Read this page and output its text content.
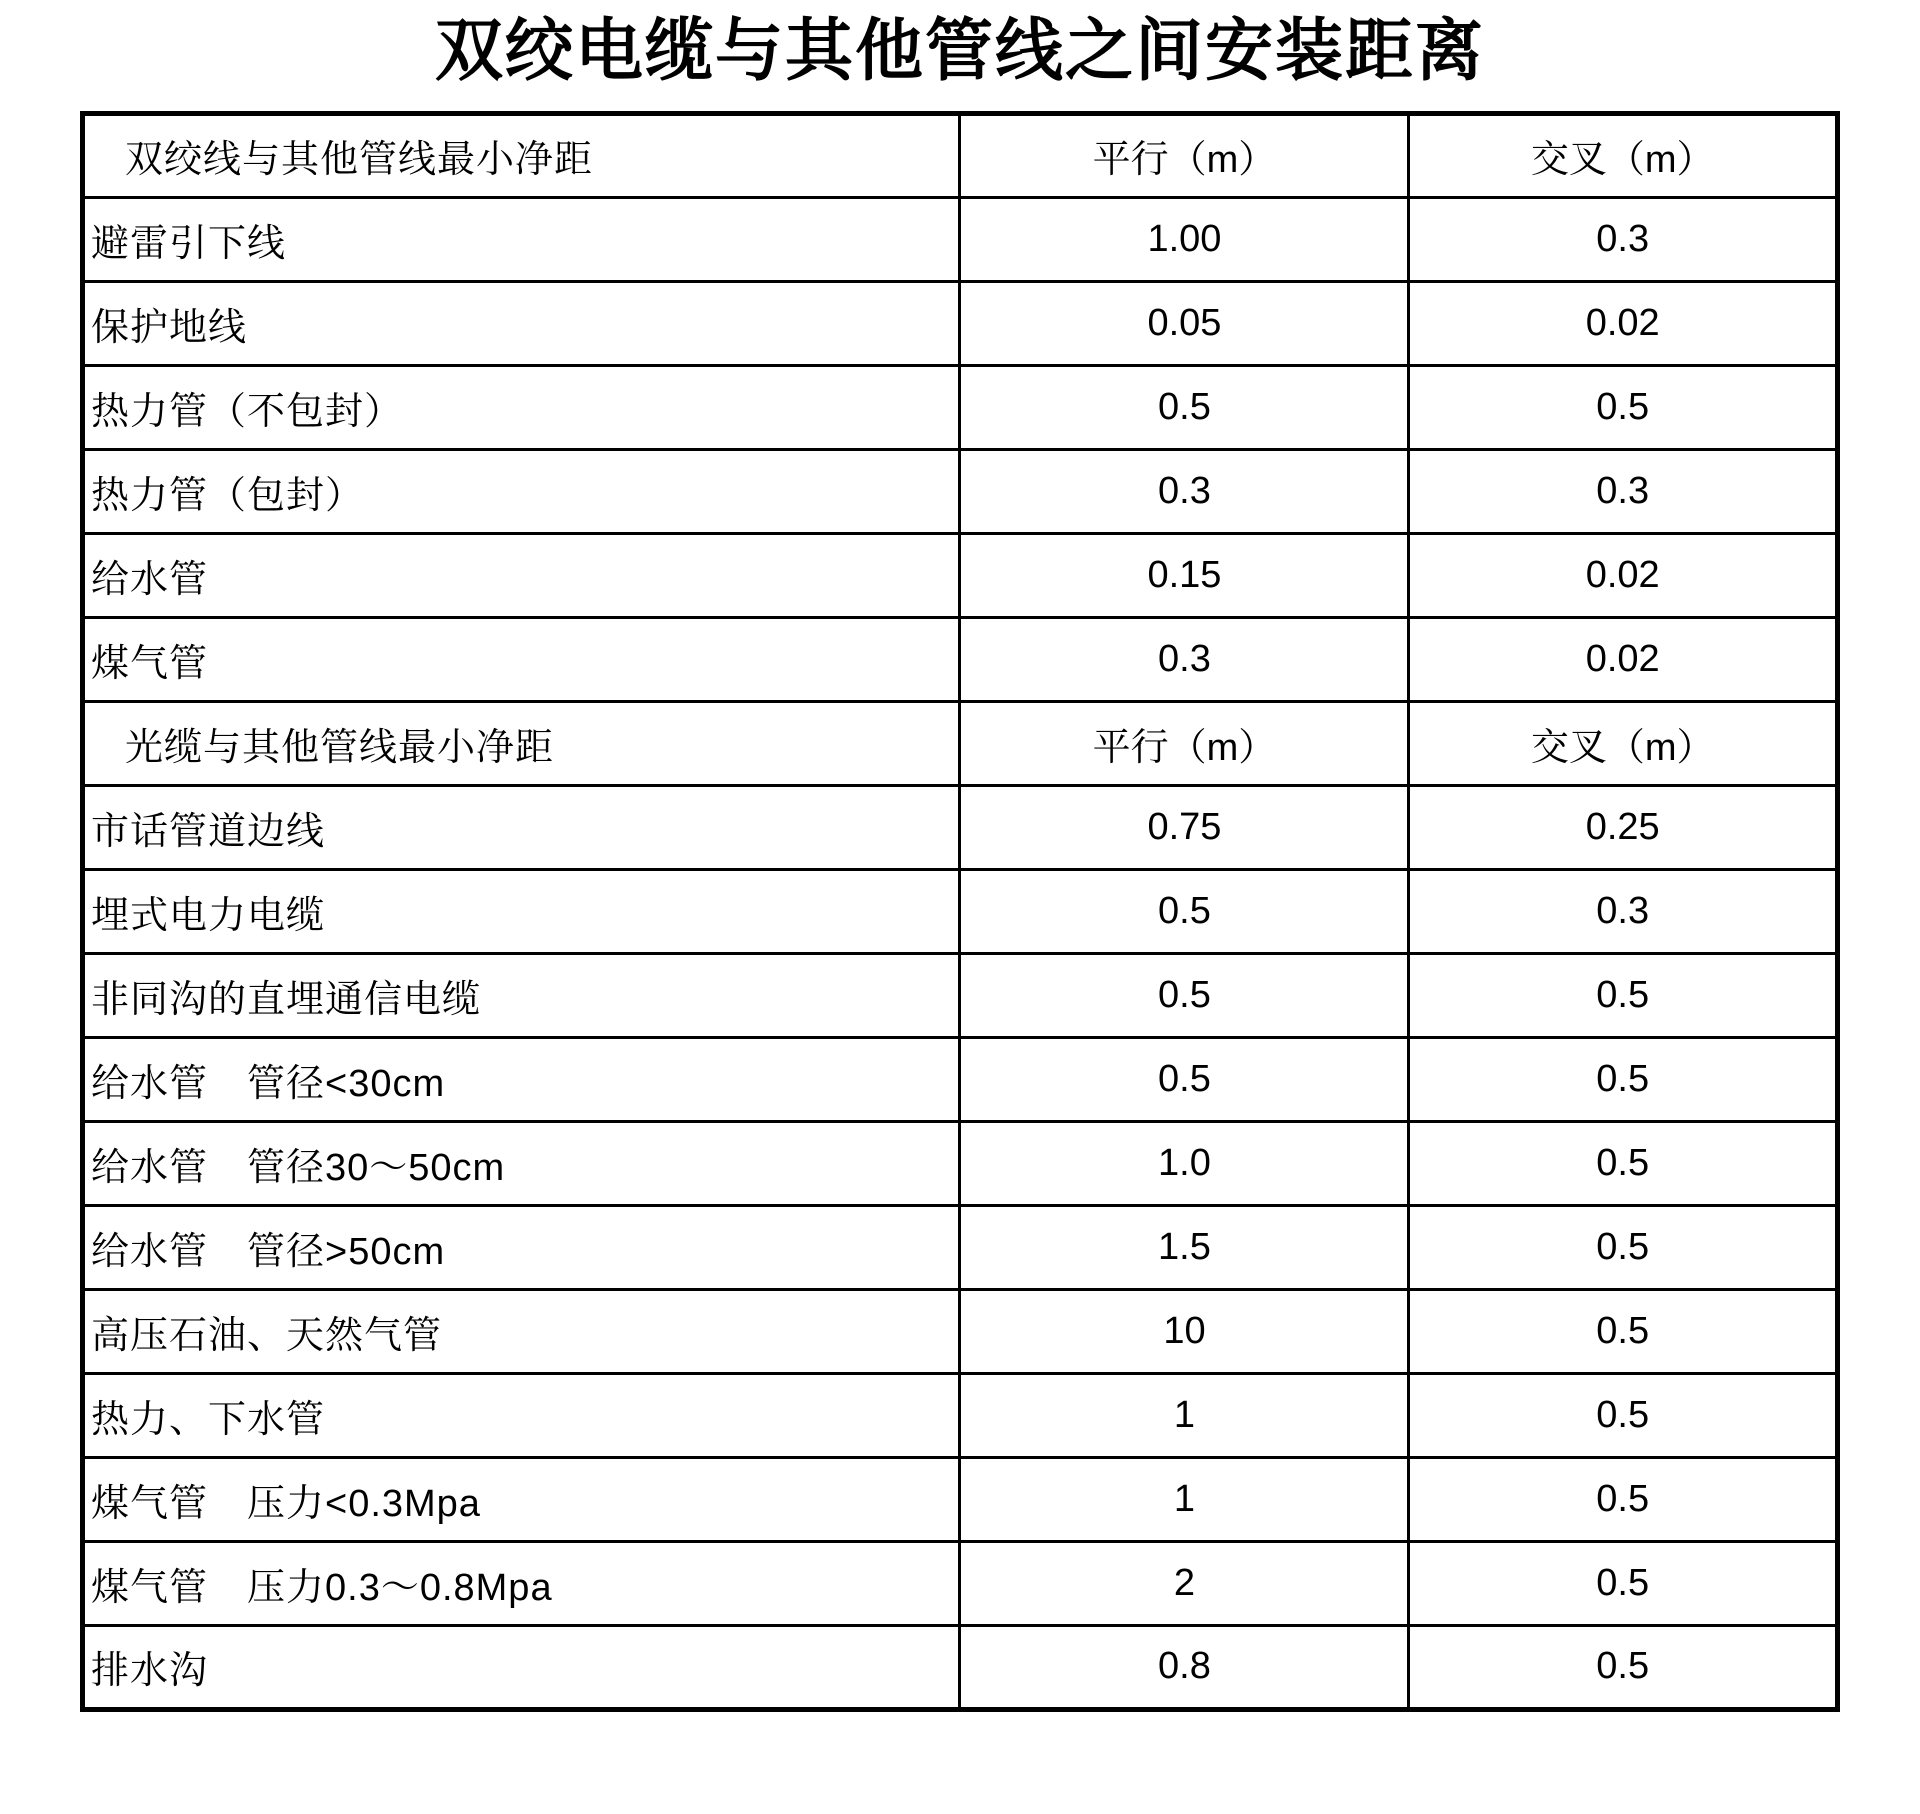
双绞电缆与其他管线之间安装距离
双绞线与其他管线最小净距	平行（m）	交叉（m）
避雷引下线	1.00	0.3
保护地线	0.05	0.02
热力管（不包封）	0.5	0.5
热力管（包封）	0.3	0.3
给水管	0.15	0.02
煤气管	0.3	0.02
光缆与其他管线最小净距	平行（m）	交叉（m）
市话管道边线	0.75	0.25
埋式电力电缆	0.5	0.3
非同沟的直埋通信电缆	0.5	0.5
给水管　管径<30cm	0.5	0.5
给水管　管径30～50cm	1.0	0.5
给水管　管径>50cm	1.5	0.5
高压石油、天然气管	10	0.5
热力、下水管	1	0.5
煤气管　压力<0.3Mpa	1	0.5
煤气管　压力0.3～0.8Mpa	2	0.5
排水沟	0.8	0.5
